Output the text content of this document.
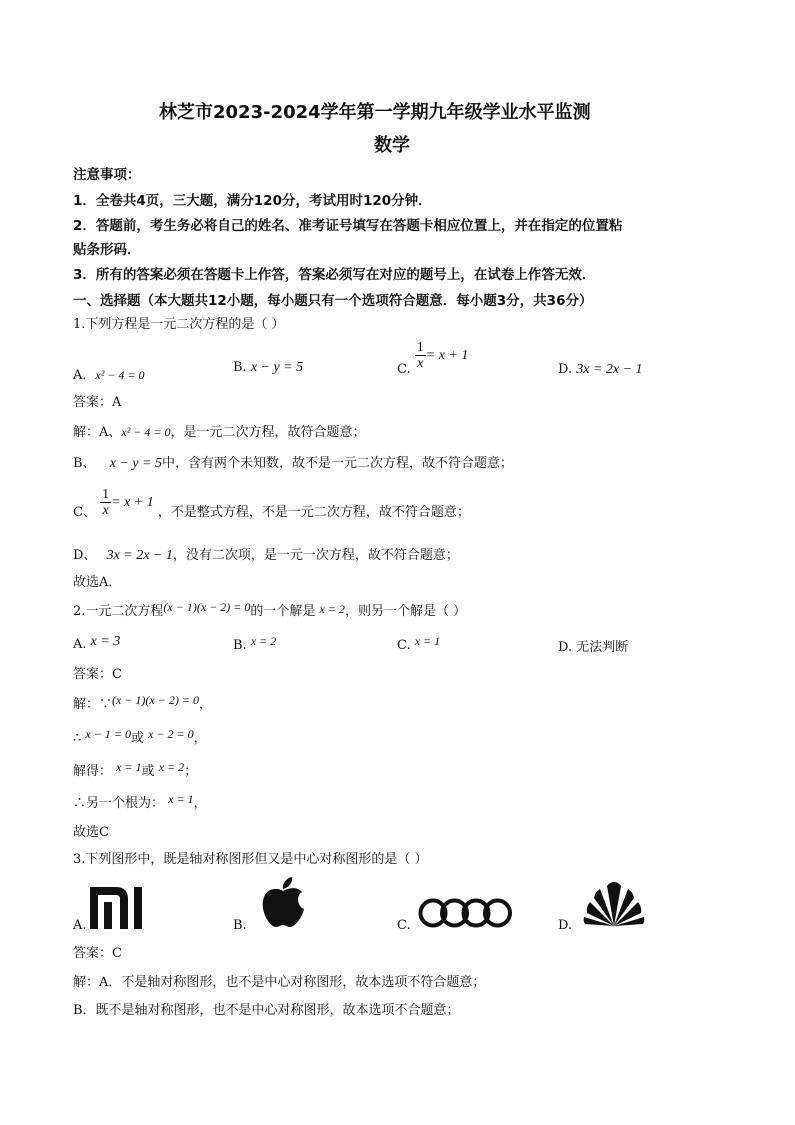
林芝市2023-2024学年第一学期九年级学业水平监测
数学
注意事项：
1．全卷共4页，三大题，满分120分，考试用时120分钟．
2．答题前，考生务必将自己的姓名、准考证号填写在答题卡相应位置上，并在指定的位置粘
贴条形码．
3．所有的答案必须在答题卡上作答，答案必须写在对应的题号上，在试卷上作答无效．
一、选择题（本大题共12小题，每小题只有一个选项符合题意．每小题3分，共36分）
1.下列方程是一元二次方程的是（ ）
A．x² − 4 = 0	B. x − y = 5	C. $\frac{1}{x} = x + 1$
D. 3x = 2x − 1
答案：A
解：A、x² − 4 = 0，是一元二次方程，故符合题意；
B、 x − y = 5中，含有两个未知数，故不是一元二次方程，故不符合题意；
C、 $\frac{1}{x} = x + 1$ ，不是整式方程，不是一元二次方程，故不符合题意；
D、 3x = 2x − 1，没有二次项，是一元一次方程，故不符合题意；
故选A．
2.一元二次方程(x − 1)(x − 2) = 0的一个解是 x = 2，则另一个解是（ ）
A. x = 3	B. x = 2	C. x = 1	D. 无法判断
答案：C
解：∵(x − 1)(x − 2) = 0，
∴ x − 1 = 0或 x − 2 = 0，
解得： x = 1或 x = 2；
∴另一个根为： x = 1，
故选C
3.下列图形中，既是轴对称图形但又是中心对称图形的是（ ）
A.	B.	C.	D.
答案：C
解：A．不是轴对称图形，也不是中心对称图形，故本选项不符合题意；
B．既不是轴对称图形，也不是中心对称图形，故本选项不合题意；
